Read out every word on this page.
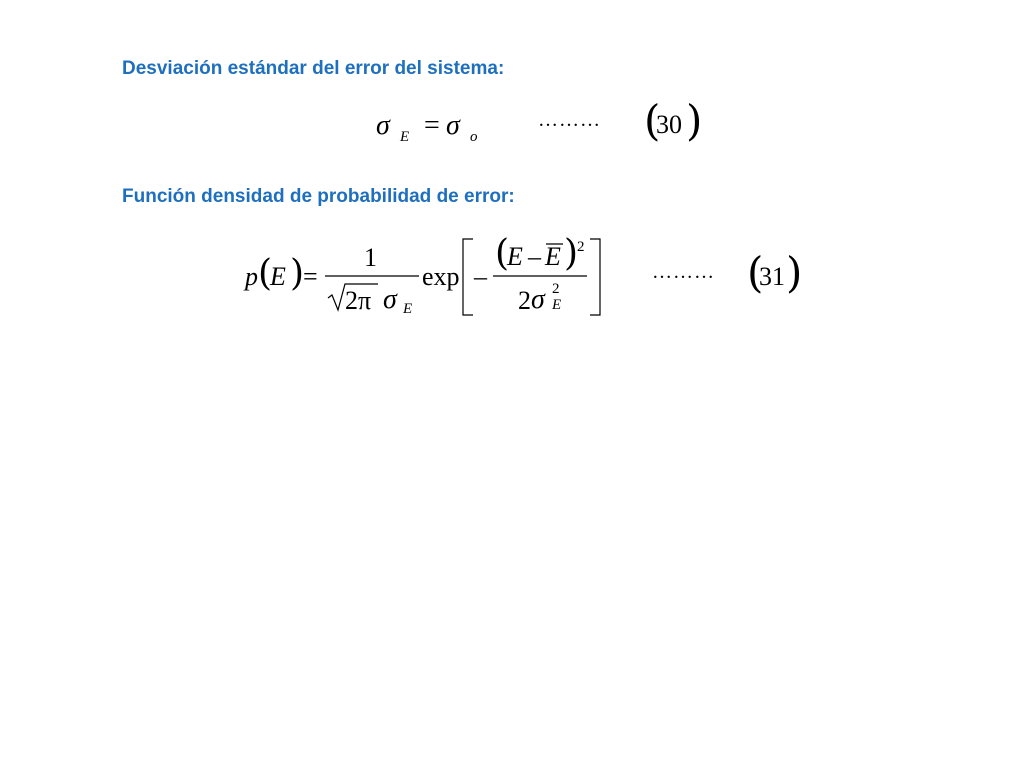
Desviación estándar del error del sistema:
Función densidad de probabilidad de error:
σ E = σ o
……… (
30 )
p (
E )
=
1
2π σ E
exp –
(
E – E )
2
2 σ 2
E
……… (
31 )
